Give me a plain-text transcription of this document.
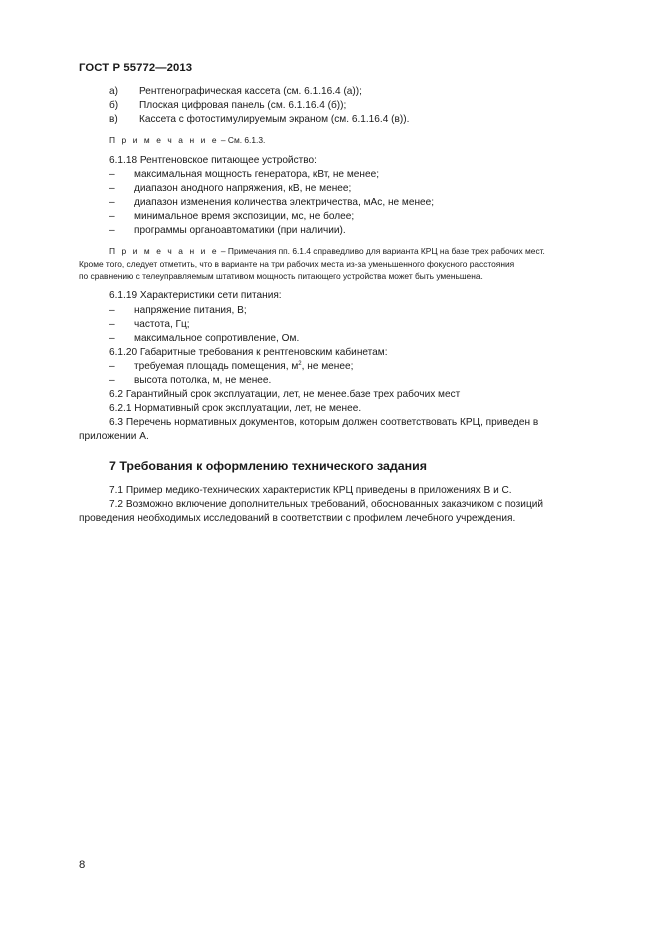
ГОСТ Р 55772—2013
а)	Рентгенографическая кассета (см. 6.1.16.4 (а));
б)	Плоская цифровая панель (см. 6.1.16.4 (б));
в)	Кассета с фотостимулируемым экраном (см. 6.1.16.4 (в)).
П р и м е ч а н и е – См. 6.1.3.
6.1.18 Рентгеновское питающее устройство:
–	максимальная мощность генератора, кВт, не менее;
–	диапазон анодного напряжения, кВ, не менее;
–	диапазон изменения количества электричества, мАс, не менее;
–	минимальное время экспозиции, мс, не более;
–	программы органоавтоматики (при наличии).

П р и м е ч а н и е – Примечания пп. 6.1.4 справедливо для варианта КРЦ на базе трех рабочих мест.

Кроме того, следует отметить, что в варианте на три рабочих места из-за уменьшенного фокусного расстояния

по сравнению с телеуправляемым штативом мощность питающего устройства может быть уменьшена.

6.1.19 Характеристики сети питания:
–	напряжение питания, В;
–	частота, Гц;
–	максимальное сопротивление, Ом.
6.1.20 Габаритные требования к рентгеновским кабинетам:
–	требуемая площадь помещения, $м^2$, не менее;
–	высота потолка, м, не менее.
6.2 Гарантийный срок эксплуатации, лет, не менее.базе трех рабочих мест
6.2.1 Нормативный срок эксплуатации, лет, не менее.

6.3 Перечень нормативных документов, которым должен соответствовать КРЦ, приведен в

приложении А.

7 Требования к оформлению технического задания
7.1 Пример медико-технических характеристик КРЦ приведены в приложениях В и С.

7.2 Возможно включение дополнительных требований, обоснованных заказчиком с позиций

проведения необходимых исследований в соответствии с профилем лечебного учреждения.

8
